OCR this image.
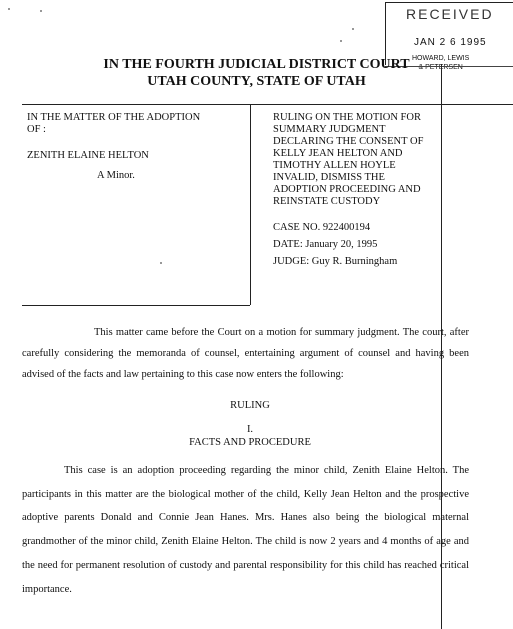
RECEIVED
JAN 2 6 1995
HOWARD, LEWIS
& PETERSEN
IN THE FOURTH JUDICIAL DISTRICT COURT
UTAH COUNTY, STATE OF UTAH
IN THE MATTER OF THE ADOPTION
OF :
ZENITH ELAINE HELTON
A Minor.
RULING ON THE MOTION FOR SUMMARY JUDGMENT DECLARING THE CONSENT OF KELLY JEAN HELTON AND TIMOTHY ALLEN HOYLE INVALID, DISMISS THE ADOPTION PROCEEDING AND REINSTATE CUSTODY
CASE NO. 922400194
DATE: January 20, 1995
JUDGE: Guy R. Burningham
This matter came before the Court on a motion for summary judgment. The court, after carefully considering the memoranda of counsel, entertaining argument of counsel and having been advised of the facts and law pertaining to this case now enters the following:
RULING
I.
FACTS AND PROCEDURE
This case is an adoption proceeding regarding the minor child, Zenith Elaine Helton. The participants in this matter are the biological mother of the child, Kelly Jean Helton and the prospective adoptive parents Donald and Connie Jean Hanes. Mrs. Hanes also being the biological maternal grandmother of the minor child, Zenith Elaine Helton. The child is now 2 years and 4 months of age and the need for permanent resolution of custody and parental responsibility for this child has reached critical importance.
